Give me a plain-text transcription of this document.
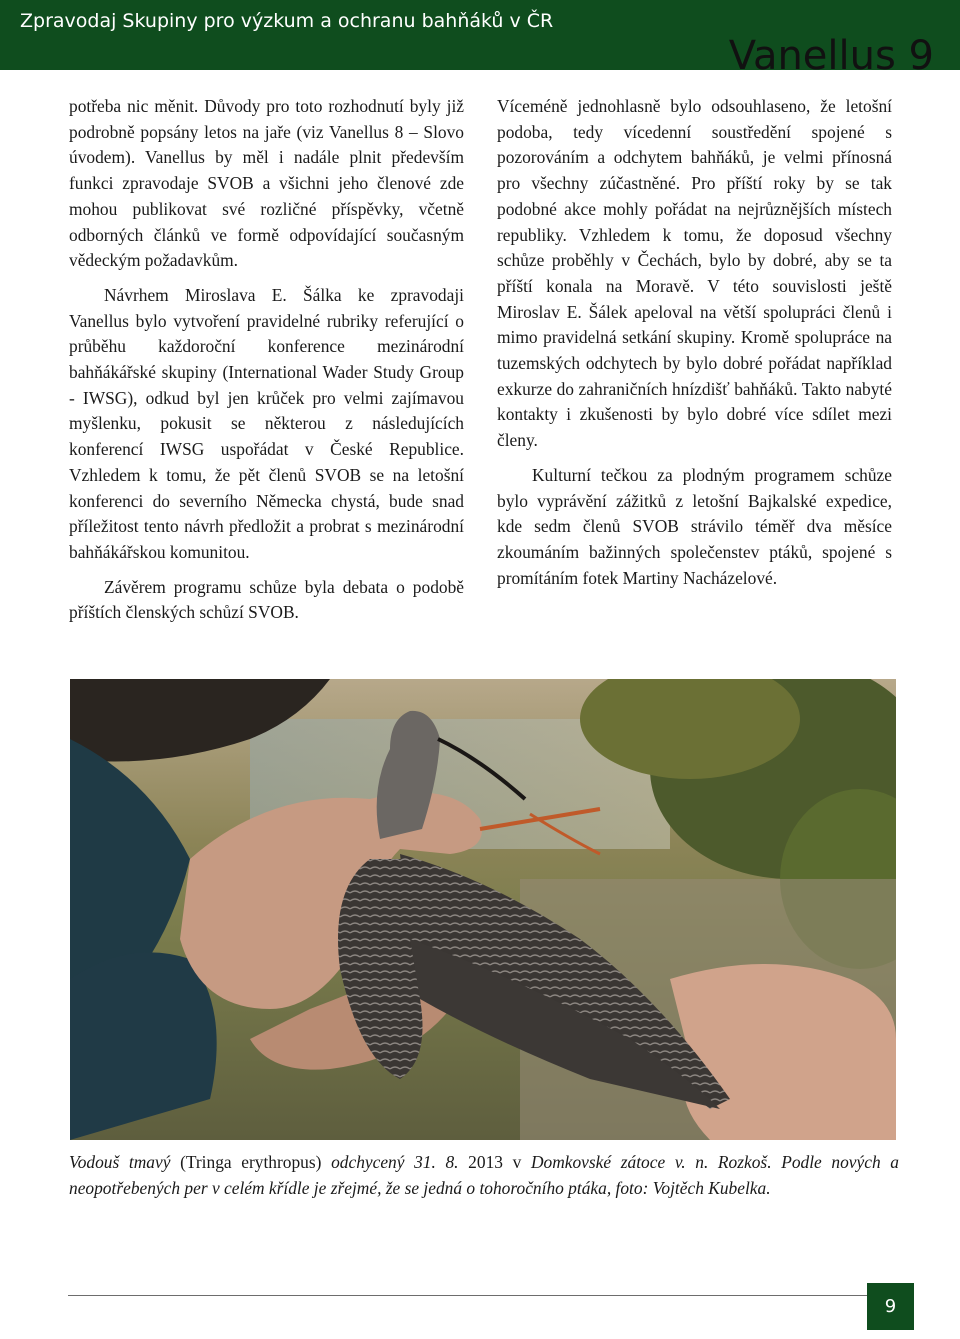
Zpravodaj Skupiny pro výzkum a ochranu bahňáků v ČR
Vanellus 9

potřeba nic měnit. Důvody pro toto rozhodnutí byly již podrobně popsány letos na jaře (viz Vanellus 8 – Slovo úvodem). Vanellus by měl i nadále plnit především funkci zpravodaje SVOB a všichni jeho členové zde mohou publikovat své rozličné příspěvky, včetně odborných článků ve formě odpovídající současným vědeckým požadavkům.

Návrhem Miroslava E. Šálka ke zpravodaji Vanellus bylo vytvoření pravidelné rubriky referující o průběhu každoroční konference mezinárodní bahňákářské skupiny (International Wader Study Group - IWSG), odkud byl jen krůček pro velmi zajímavou myšlenku, pokusit se některou z následujících konferencí IWSG uspořádat v České Republice. Vzhledem k tomu, že pět členů SVOB se na letošní konferenci do severního Německa chystá, bude snad příležitost tento návrh předložit a probrat s mezinárodní bahňákářskou komunitou.

Závěrem programu schůze byla debata o podobě příštích členských schůzí SVOB.

Víceméně jednohlasně bylo odsouhlaseno, že letošní podoba, tedy vícedenní soustředění spojené s pozorováním a odchytem bahňáků, je velmi přínosná pro všechny zúčastněné. Pro příští roky by se tak podobné akce mohly pořádat na nejrůznějších místech republiky. Vzhledem k tomu, že doposud všechny schůze proběhly v Čechách, bylo by dobré, aby se ta příští konala na Moravě. V této souvislosti ještě Miroslav E. Šálek apeloval na větší spolupráci členů i mimo pravidelná setkání skupiny. Kromě spolupráce na tuzemských odchytech by bylo dobré pořádat například exkurze do zahraničních hnízdišť bahňáků. Takto nabyté kontakty i zkušenosti by bylo dobré více sdílet mezi členy.

Kulturní tečkou za plodným programem schůze bylo vyprávění zážitků z letošní Bajkalské expedice, kde sedm členů SVOB strávilo téměř dva měsíce zkoumáním bažinných společenstev ptáků, spojené s promítáním fotek Martiny Nacházelové.

Vodouš tmavý (Tringa erythropus) odchycený 31. 8. 2013 v Domkovské zátoce v. n. Rozkoš. Podle nových a neopotřebených per v celém křídle je zřejmé, že se jedná o tohoročního ptáka, foto: Vojtěch Kubelka.
9
